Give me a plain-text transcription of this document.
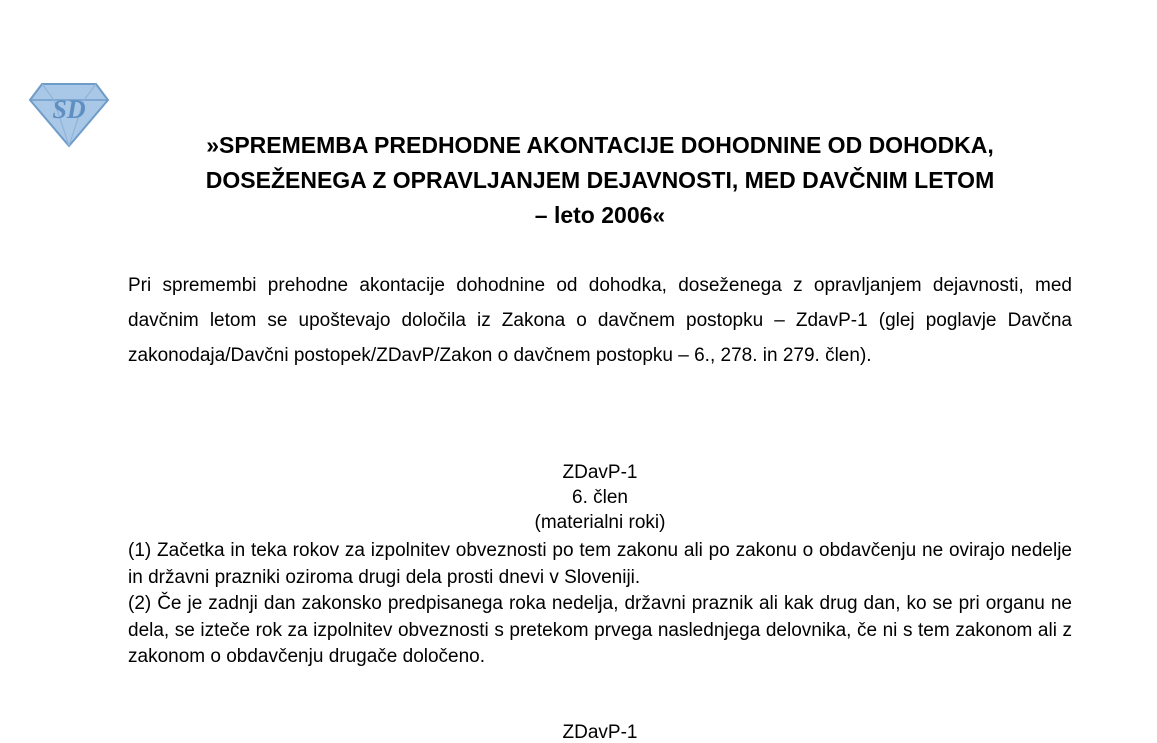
SD
»SPREMEMBA PREDHODNE AKONTACIJE DOHODNINE OD DOHODKA,
DOSEŽENEGA Z OPRAVLJANJEM DEJAVNOSTI, MED DAVČNIM LETOM
– leto 2006«

Pri spremembi prehodne akontacije dohodnine od dohodka, doseženega z opravljanjem dejavnosti, med davčnim letom se upoštevajo določila iz Zakona o davčnem postopku – ZdavP-1 (glej poglavje Davčna zakonodaja/Davčni postopek/ZDavP/Zakon o davčnem postopku – 6., 278. in 279. člen).

ZDavP-1
6. člen
(materialni roki)

(1) Začetka in teka rokov za izpolnitev obveznosti po tem zakonu ali po zakonu o obdavčenju ne ovirajo nedelje in državni prazniki oziroma drugi dela prosti dnevi v Sloveniji.

(2) Če je zadnji dan zakonsko predpisanega roka nedelja, državni praznik ali kak drug dan, ko se pri organu ne dela, se izteče rok za izpolnitev obveznosti s pretekom prvega naslednjega delovnika, če ni s tem zakonom ali z zakonom o obdavčenju drugače določeno.

ZDavP-1
